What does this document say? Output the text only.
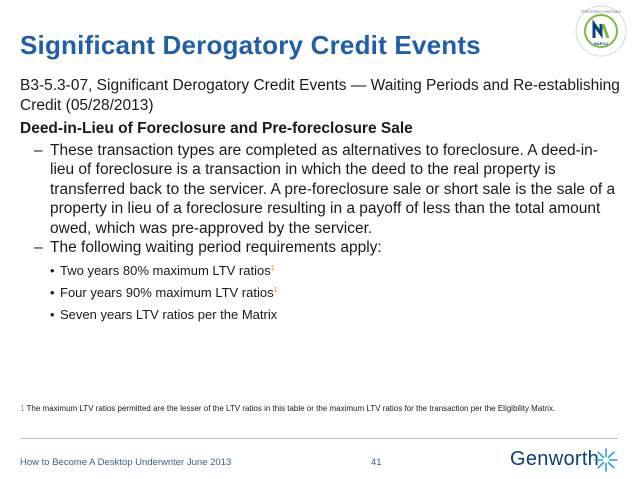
Significant Derogatory Credit Events	NAFCU
PREFERRED PARTNER

B3-5.3-07, Significant Derogatory Credit Events — Waiting Periods and Re-establishing Credit (05/28/2013)

Deed-in-Lieu of Foreclosure and Pre-foreclosure Sale

– These transaction types are completed as alternatives to foreclosure. A deed-in-lieu of foreclosure is a transaction in which the deed to the real property is transferred back to the servicer. A pre-foreclosure sale or short sale is the sale of a property in lieu of a foreclosure resulting in a payoff of less than the total amount owed, which was pre-approved by the servicer.
– The following waiting period requirements apply:
• Two years 80% maximum LTV ratios$^1$
• Four years 90% maximum LTV ratios$^1$
• Seven years LTV ratios per the Matrix
1 The maximum LTV ratios permitted are the lesser of the LTV ratios in this table or the maximum LTV ratios for the transaction per the Eligibility Matrix.
How to Become A Desktop Underwriter June 2013	41	Genworth
